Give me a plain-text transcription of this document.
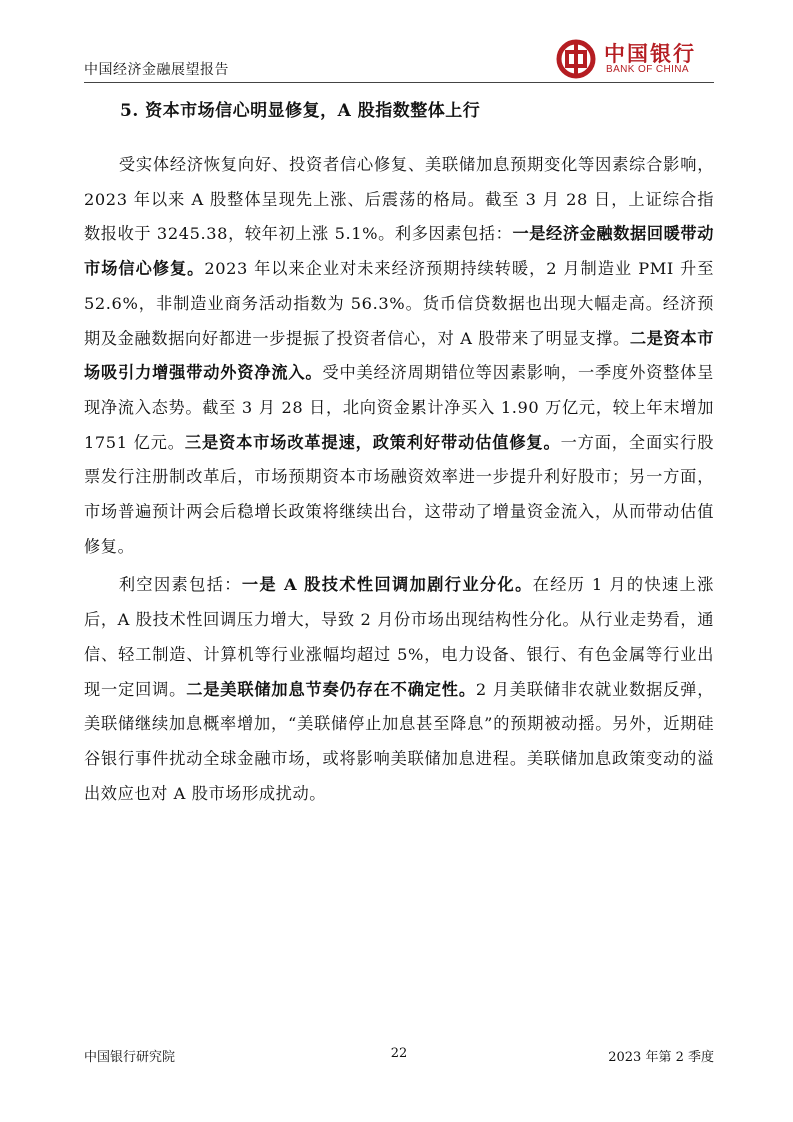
中国经济金融展望报告
中国银行
BANK OF CHINA
5. 资本市场信心明显修复，A 股指数整体上行

受实体经济恢复向好、投资者信心修复、美联储加息预期变化等因素综合影响，2023 年以来 A 股整体呈现先上涨、后震荡的格局。截至 3 月 28 日，上证综合指数报收于 3245.38，较年初上涨 5.1%。利多因素包括：一是经济金融数据回暖带动市场信心修复。2023 年以来企业对未来经济预期持续转暖，2 月制造业 PMI 升至 52.6%，非制造业商务活动指数为 56.3%。货币信贷数据也出现大幅走高。经济预期及金融数据向好都进一步提振了投资者信心，对 A 股带来了明显支撑。二是资本市场吸引力增强带动外资净流入。受中美经济周期错位等因素影响，一季度外资整体呈现净流入态势。截至 3 月 28 日，北向资金累计净买入 1.90 万亿元，较上年末增加 1751 亿元。三是资本市场改革提速，政策利好带动估值修复。一方面，全面实行股票发行注册制改革后，市场预期资本市场融资效率进一步提升利好股市；另一方面，市场普遍预计两会后稳增长政策将继续出台，这带动了增量资金流入，从而带动估值修复。

利空因素包括：一是 A 股技术性回调加剧行业分化。在经历 1 月的快速上涨后，A 股技术性回调压力增大，导致 2 月份市场出现结构性分化。从行业走势看，通信、轻工制造、计算机等行业涨幅均超过 5%，电力设备、银行、有色金属等行业出现一定回调。二是美联储加息节奏仍存在不确定性。2 月美联储非农就业数据反弹，美联储继续加息概率增加，“美联储停止加息甚至降息”的预期被动摇。另外，近期硅谷银行事件扰动全球金融市场，或将影响美联储加息进程。美联储加息政策变动的溢出效应也对 A 股市场形成扰动。

中国银行研究院	22	2023 年第 2 季度
